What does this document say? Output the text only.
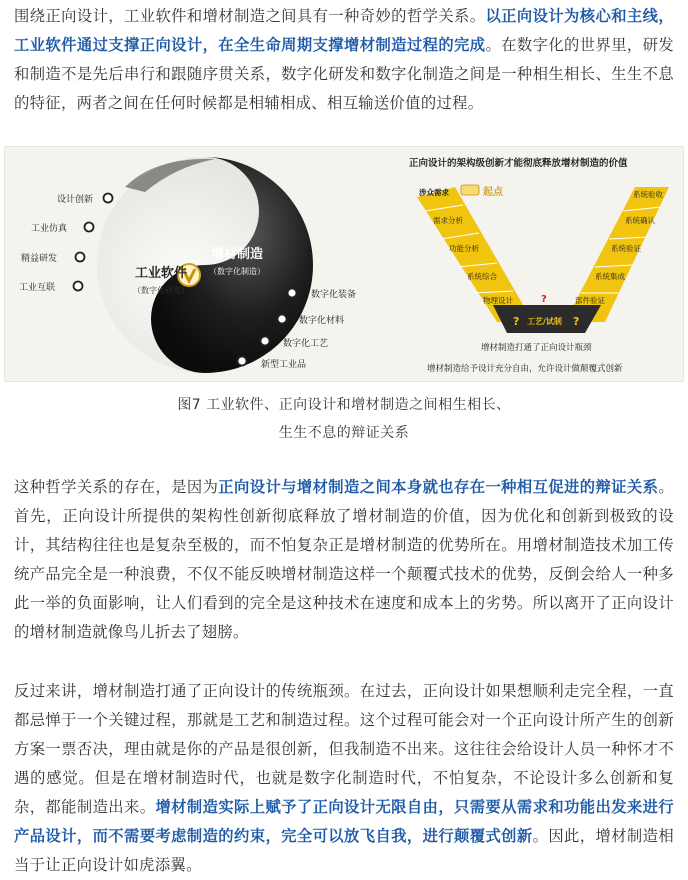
围绕正向设计，工业软件和增材制造之间具有一种奇妙的哲学关系。以正向设计为核心和主线，工业软件通过支撑正向设计，在全生命周期支撑增材制造过程的完成。在数字化的世界里，研发和制造不是先后串行和跟随序贯关系，数字化研发和数字化制造之间是一种相生相长、生生不息的特征，两者之间在任何时候都是相辅相成、相互输送价值的过程。

工业软件
（数字化研发）
增材制造
（数字化制造）
设计创新
工业仿真
精益研发
工业互联
数字化装备
数字化材料
数字化工艺
新型工业品
正向设计的架构级创新才能彻底释放增材制造的价值
涉众需求	起点
需求分析
功能分析
系统综合
物理设计
系统验收
系统确认
系统验证
系统集成
部件验证
? 工艺/试制 ?
?
增材制造打通了正向设计瓶颈
增材制造给予设计充分自由，允许设计做颠覆式创新

图7 工业软件、正向设计和增材制造之间相生相长、

生生不息的辩证关系

这种哲学关系的存在，是因为正向设计与增材制造之间本身就也存在一种相互促进的辩证关系。首先，正向设计所提供的架构性创新彻底释放了增材制造的价值，因为优化和创新到极致的设计，其结构往往也是复杂至极的，而不怕复杂正是增材制造的优势所在。用增材制造技术加工传统产品完全是一种浪费，不仅不能反映增材制造这样一个颠覆式技术的优势，反倒会给人一种多此一举的负面影响，让人们看到的完全是这种技术在速度和成本上的劣势。所以离开了正向设计的增材制造就像鸟儿折去了翅膀。

反过来讲，增材制造打通了正向设计的传统瓶颈。在过去，正向设计如果想顺利走完全程，一直都忌惮于一个关键过程，那就是工艺和制造过程。这个过程可能会对一个正向设计所产生的创新方案一票否决，理由就是你的产品是很创新，但我制造不出来。这往往会给设计人员一种怀才不遇的感觉。但是在增材制造时代，也就是数字化制造时代，不怕复杂，不论设计多么创新和复杂，都能制造出来。增材制造实际上赋予了正向设计无限自由，只需要从需求和功能出发来进行产品设计，而不需要考虑制造的约束，完全可以放飞自我，进行颠覆式创新。因此，增材制造相当于让正向设计如虎添翼。
